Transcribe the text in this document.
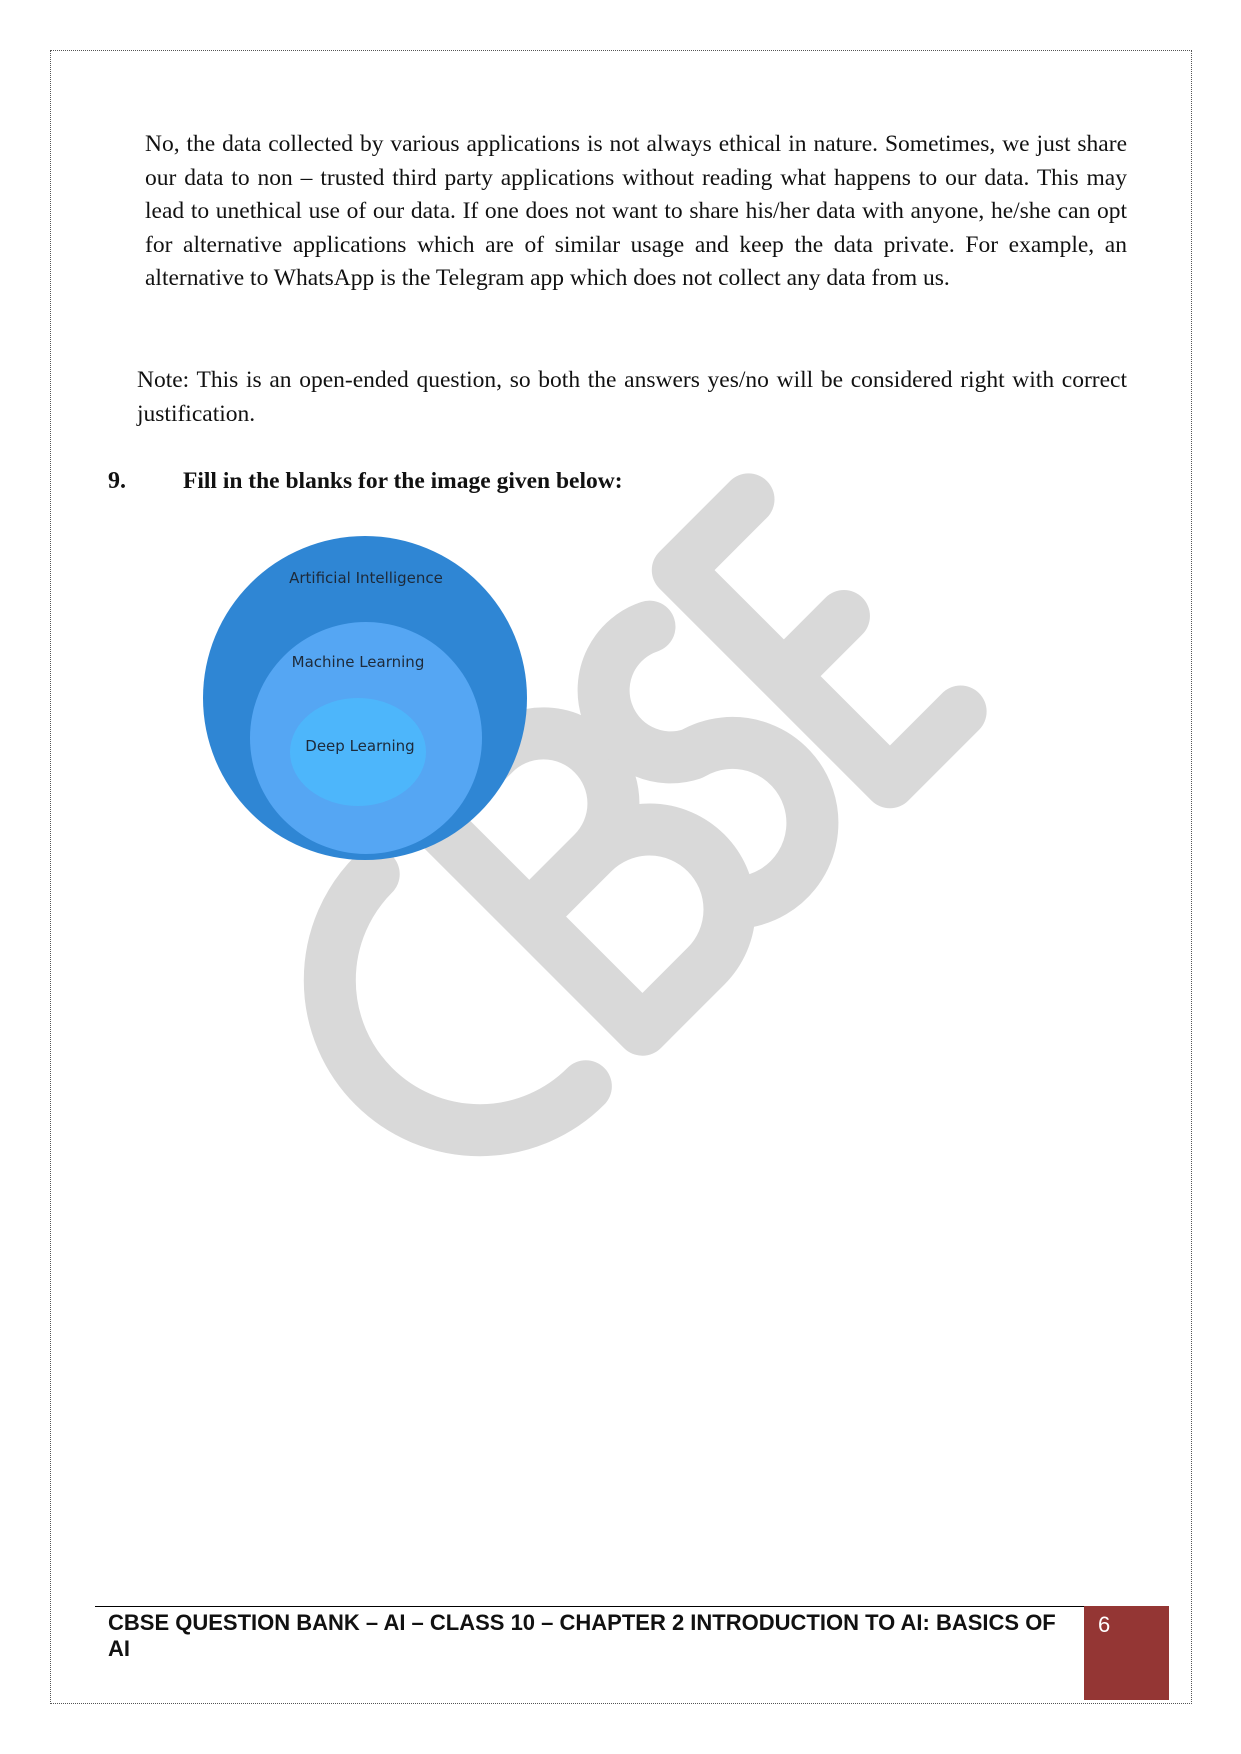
No, the data collected by various applications is not always ethical in nature. Sometimes, we just share our data to non – trusted third party applications without reading what happens to our data. This may lead to unethical use of our data. If one does not want to share his/her data with anyone, he/she can opt for alternative applications which are of similar usage and keep the data private. For example, an alternative to WhatsApp is the Telegram app which does not collect any data from us.

Note: This is an open-ended question, so both the answers yes/no will be considered right with correct justification.

9. Fill in the blanks for the image given below:
Artificial Intelligence
Machine Learning
Deep Learning
CBSE QUESTION BANK – AI – CLASS 10 – CHAPTER 2 INTRODUCTION TO AI: BASICS OF AI
6
